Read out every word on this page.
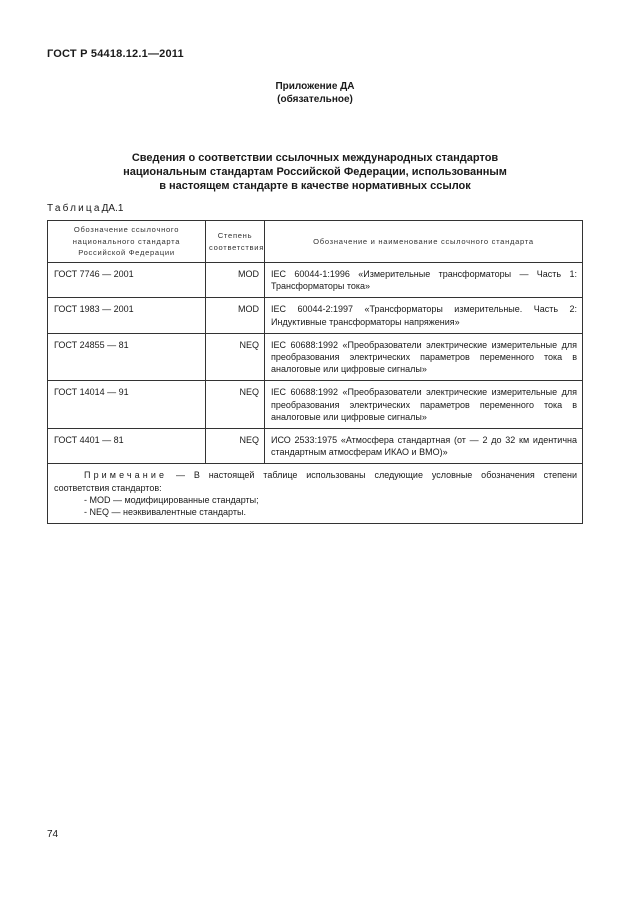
ГОСТ Р 54418.12.1—2011
Приложение ДА
(обязательное)
Сведения о соответствии ссылочных международных стандартов
национальным стандартам Российской Федерации, использованным
в настоящем стандарте в качестве нормативных ссылок
ТаблицаДА.1
Обозначение ссылочного национального стандарта Российской Федерации	Степень соответствия	Обозначение и наименование ссылочного стандарта
ГОСТ 7746 — 2001	MOD	IEC 60044-1:1996 «Измерительные трансформаторы — Часть 1: Трансформаторы тока»
ГОСТ 1983 — 2001	MOD	IEC 60044-2:1997 «Трансформаторы измерительные. Часть 2: Индуктивные трансформаторы напряжения»
ГОСТ 24855 — 81	NEQ	IEC 60688:1992 «Преобразователи электрические измерительные для преобразования электрических параметров переменного тока в аналоговые или цифровые сигналы»
ГОСТ 14014 — 91	NEQ	IEC 60688:1992 «Преобразователи электрические измерительные для преобразования электрических параметров переменного тока в аналоговые или цифровые сигналы»
ГОСТ 4401 — 81	NEQ	ИСО 2533:1975 «Атмосфера стандартная (от — 2 до 32 км идентична стандартным атмосферам ИКАО и ВМО)»

Примечание — В настоящей таблице использованы следующие условные обозначения степени соответствия стандартов:
- MOD — модифицированные стандарты;
- NEQ — неэквивалентные стандарты.		
74
